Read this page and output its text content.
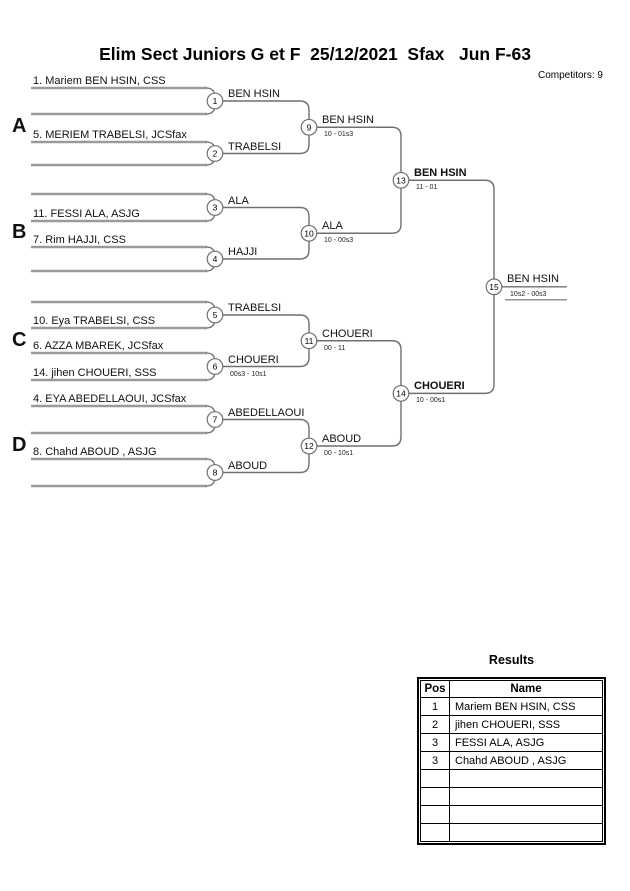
Elim Sect Juniors G et F  25/12/2021  Sfax   Jun F-63
Competitors: 9
1
2
3
4
5
6
7
8
9
10
11
12
13
14
15
1. Mariem BEN HSIN, CSS
BEN HSIN
5. MERIEM TRABELSI, JCSfax
TRABELSI
11. FESSI ALA, ASJG
ALA
7. Rim HAJJI, CSS
HAJJI
10. Eya TRABELSI, CSS
TRABELSI
6. AZZA MBAREK, JCSfax
14. jihen CHOUERI, SSS
CHOUERI
00s3 - 10s1
4. EYA ABEDELLAOUI, JCSfax
ABEDELLAOUI
8. Chahd ABOUD , ASJG
ABOUD
A
B
C
D
BEN HSIN
10 - 01s3
ALA
10 - 00s3
CHOUERI
00 - 11
ABOUD
00 - 10s1
BEN HSIN
11 - 01
CHOUERI
10 - 00s1
BEN HSIN
10s2 - 00s3
Results
Pos	Name
1	Mariem BEN HSIN, CSS
2	jihen CHOUERI, SSS
3	FESSI ALA, ASJG
3	Chahd ABOUD , ASJG
